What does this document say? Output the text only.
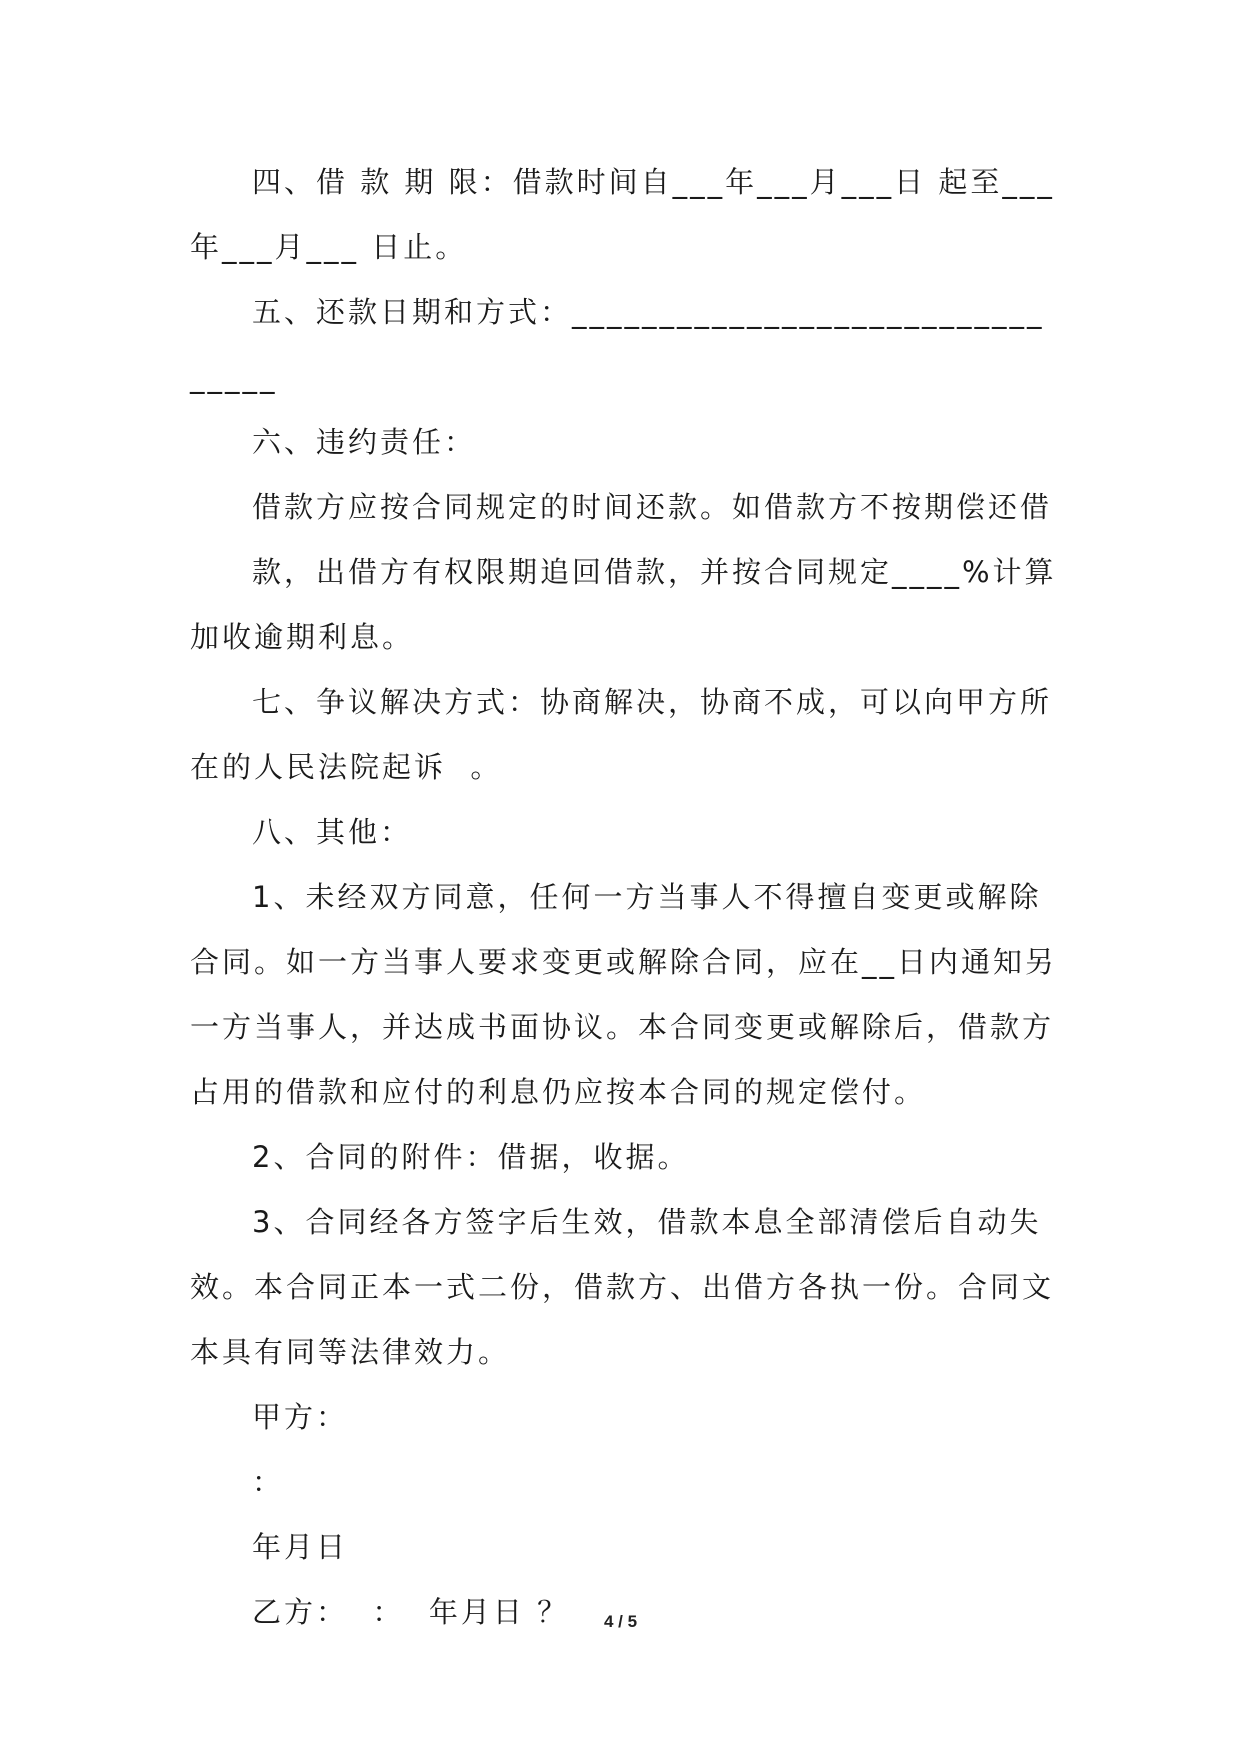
四、借 款 期 限：借款时间自___年___月___日 起至___年___月___ 日止。

五、还款日期和方式：________________________________

六、违约责任：

借款方应按合同规定的时间还款。如借款方不按期偿还借

款，出借方有权限期追回借款，并按合同规定____%计算加收逾期利息。

七、争议解决方式：协商解决，协商不成，可以向甲方所在的人民法院起诉  。

八、其他：

1、未经双方同意，任何一方当事人不得擅自变更或解除合同。如一方当事人要求变更或解除合同，应在__日内通知另一方当事人，并达成书面协议。本合同变更或解除后，借款方占用的借款和应付的利息仍应按本合同的规定偿付。

2、合同的附件：借据，收据。

3、合同经各方签字后生效，借款本息全部清偿后自动失效。本合同正本一式二份，借款方、出借方各执一份。合同文本具有同等法律效力。

甲方：

：

年月日

乙方：  ：  年月日 ？	4 / 5
